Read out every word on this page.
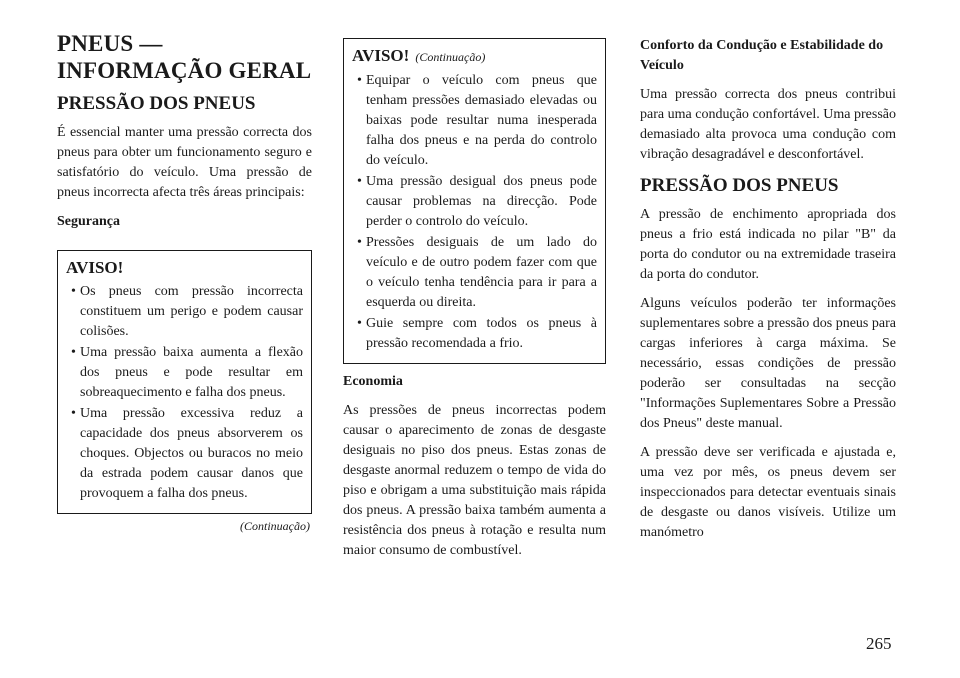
PNEUS — INFORMAÇÃO GERAL
PRESSÃO DOS PNEUS

É essencial manter uma pressão correcta dos pneus para obter um funcionamento seguro e satisfatório do veículo. Uma pressão de pneus incorrecta afecta três áreas principais:

Segurança
AVISO!
• Os pneus com pressão incorrecta constituem um perigo e podem causar colisões.
• Uma pressão baixa aumenta a flexão dos pneus e pode resultar em sobreaquecimento e falha dos pneus.
• Uma pressão excessiva reduz a capacidade dos pneus absorverem os choques. Objectos ou buracos no meio da estrada podem causar danos que provoquem a falha dos pneus.
(Continuação)
AVISO! (Continuação)
• Equipar o veículo com pneus que tenham pressões demasiado elevadas ou baixas pode resultar numa inesperada falha dos pneus e na perda do controlo do veículo.
• Uma pressão desigual dos pneus pode causar problemas na direcção. Pode perder o controlo do veículo.
• Pressões desiguais de um lado do veículo e de outro podem fazer com que o veículo tenha tendência para ir para a esquerda ou direita.
• Guie sempre com todos os pneus à pressão recomendada a frio.
Economia

As pressões de pneus incorrectas podem causar o aparecimento de zonas de desgaste desiguais no piso dos pneus. Estas zonas de desgaste anormal reduzem o tempo de vida do piso e obrigam a uma substituição mais rápida dos pneus. A pressão baixa também aumenta a resistência dos pneus à rotação e resulta num maior consumo de combustível.

Conforto da Condução e Estabilidade do Veículo

Uma pressão correcta dos pneus contribui para uma condução confortável. Uma pressão demasiado alta provoca uma condução com vibração desagradável e desconfortável.

PRESSÃO DOS PNEUS

A pressão de enchimento apropriada dos pneus a frio está indicada no pilar "B" da porta do condutor ou na extremidade traseira da porta do condutor.

Alguns veículos poderão ter informações suplementares sobre a pressão dos pneus para cargas inferiores à carga máxima. Se necessário, essas condições de pressão poderão ser consultadas na secção "Informações Suplementares Sobre a Pressão dos Pneus" deste manual.

A pressão deve ser verificada e ajustada e, uma vez por mês, os pneus devem ser inspeccionados para detectar eventuais sinais de desgaste ou danos visíveis. Utilize um manómetro

265
